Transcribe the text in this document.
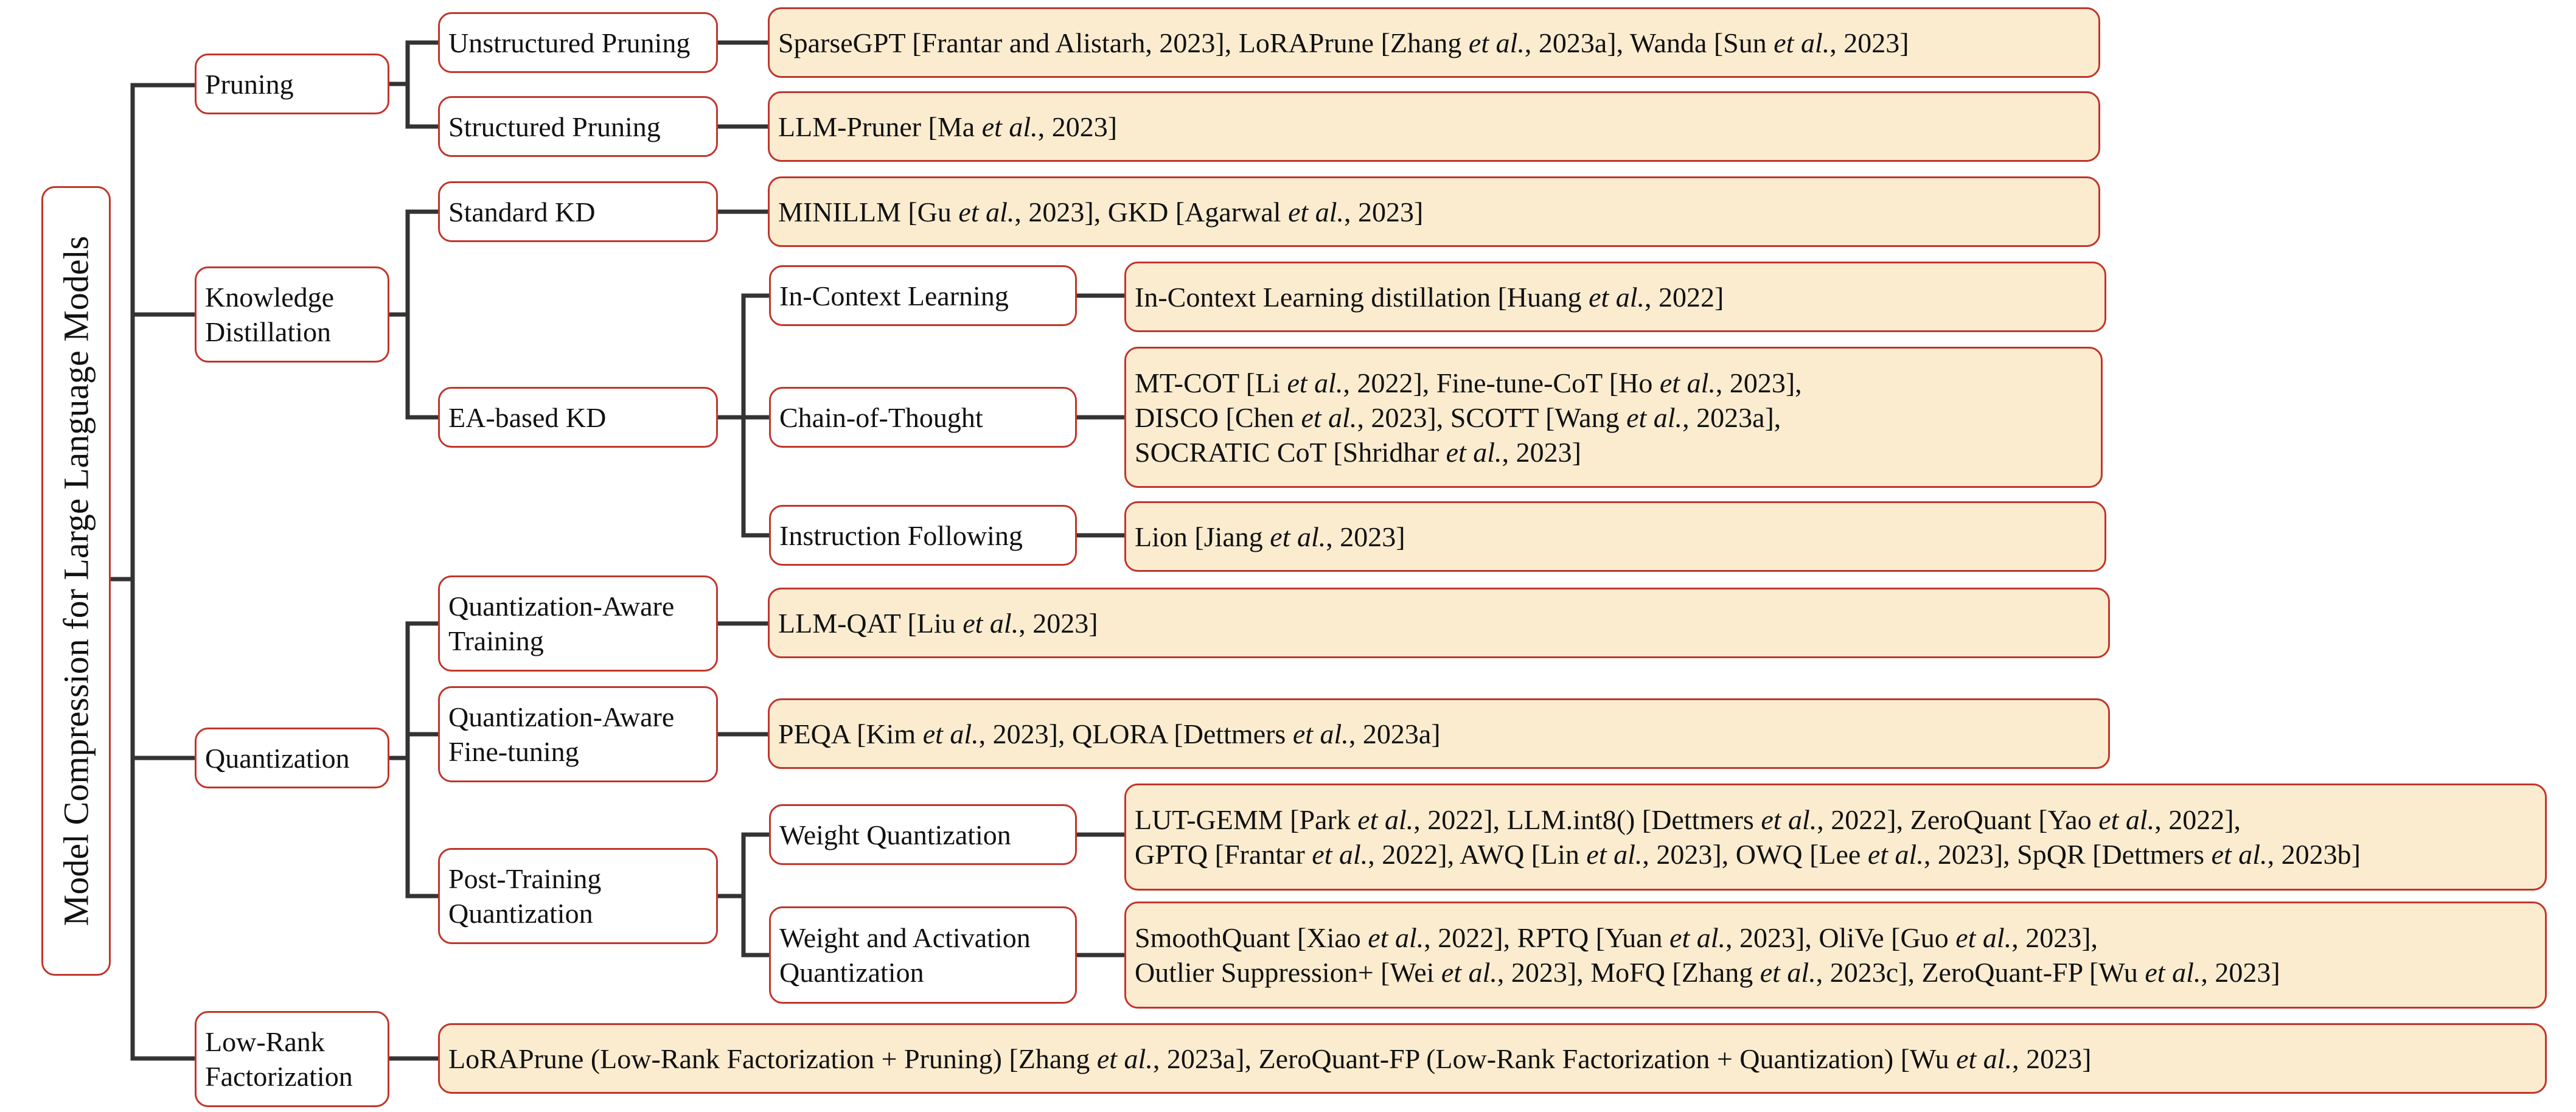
Model Compression for Large Language Models
Pruning
Knowledge
Distillation
Quantization
Low-Rank
Factorization
Unstructured Pruning
Structured Pruning
Standard KD
EA-based KD
Quantization-Aware
Training
Quantization-Aware
Fine-tuning
Post-Training
Quantization
In-Context Learning
Chain-of-Thought
Instruction Following
Weight Quantization
Weight and Activation
Quantization
SparseGPT [Frantar and Alistarh, 2023], LoRAPrune [Zhang et al., 2023a], Wanda [Sun et al., 2023]
LLM-Pruner [Ma et al., 2023]
MINILLM [Gu et al., 2023], GKD [Agarwal et al., 2023]
In-Context Learning distillation [Huang et al., 2022]
MT-COT [Li et al., 2022], Fine-tune-CoT [Ho et al., 2023],
DISCO [Chen et al., 2023], SCOTT [Wang et al., 2023a],
SOCRATIC CoT [Shridhar et al., 2023]
Lion [Jiang et al., 2023]
LLM-QAT [Liu et al., 2023]
PEQA [Kim et al., 2023], QLORA [Dettmers et al., 2023a]
LUT-GEMM [Park et al., 2022], LLM.int8() [Dettmers et al., 2022], ZeroQuant [Yao et al., 2022],
GPTQ [Frantar et al., 2022], AWQ [Lin et al., 2023], OWQ [Lee et al., 2023], SpQR [Dettmers et al., 2023b]
SmoothQuant [Xiao et al., 2022], RPTQ [Yuan et al., 2023], OliVe [Guo et al., 2023],
Outlier Suppression+ [Wei et al., 2023], MoFQ [Zhang et al., 2023c], ZeroQuant-FP [Wu et al., 2023]
LoRAPrune (Low-Rank Factorization + Pruning) [Zhang et al., 2023a], ZeroQuant-FP (Low-Rank Factorization + Quantization) [Wu et al., 2023]
